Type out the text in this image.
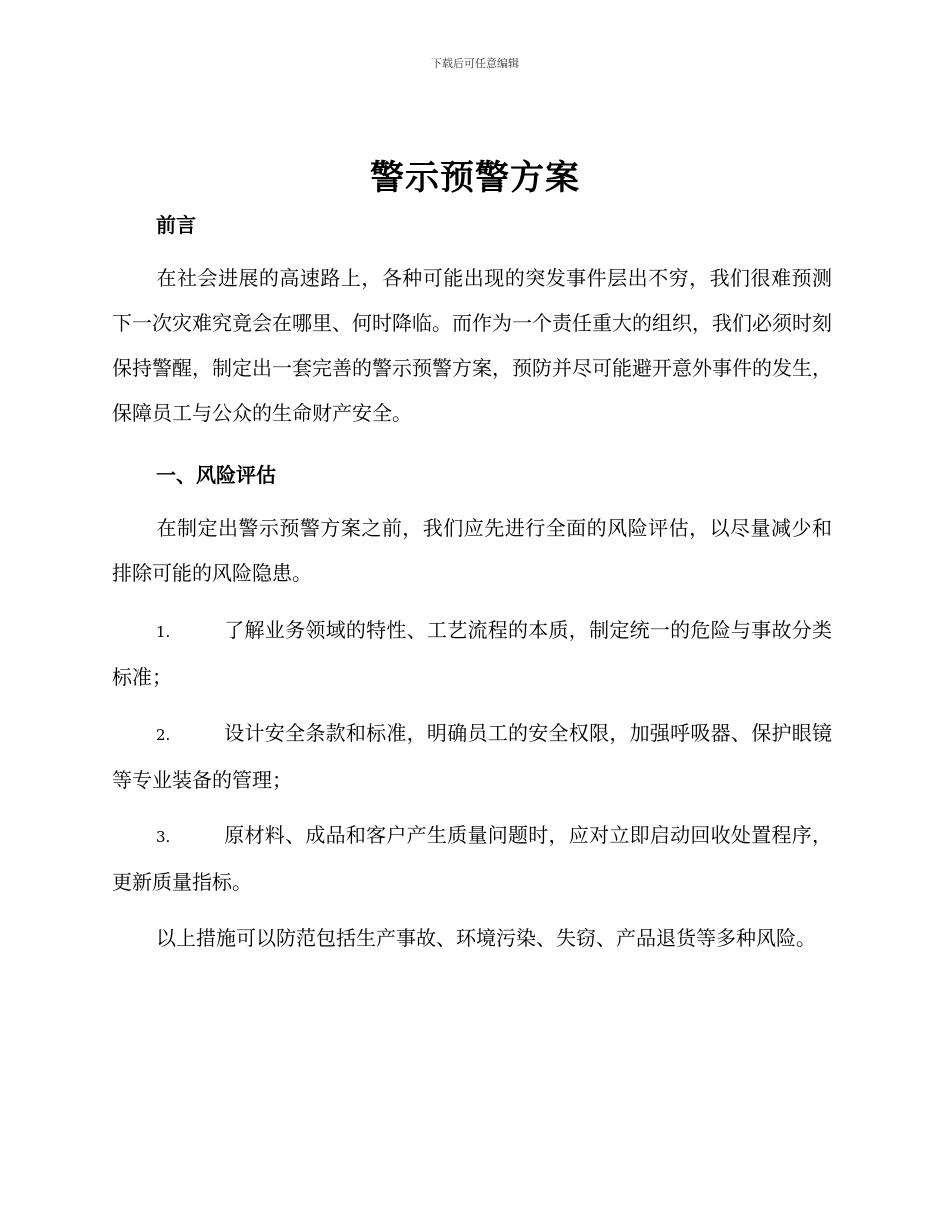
下载后可任意编辑
警示预警方案
前言
在社会进展的高速路上，各种可能出现的突发事件层出不穷，我们很难预测下一次灾难究竟会在哪里、何时降临。而作为一个责任重大的组织，我们必须时刻保持警醒，制定出一套完善的警示预警方案，预防并尽可能避开意外事件的发生，保障员工与公众的生命财产安全。
一、风险评估
在制定出警示预警方案之前，我们应先进行全面的风险评估，以尽量减少和排除可能的风险隐患。
1.	了解业务领域的特性、工艺流程的本质，制定统一的危险与事故分类标准；
2.	设计安全条款和标准，明确员工的安全权限，加强呼吸器、保护眼镜等专业装备的管理；
3.	原材料、成品和客户产生质量问题时，应对立即启动回收处置程序，更新质量指标。
以上措施可以防范包括生产事故、环境污染、失窃、产品退货等多种风险。
